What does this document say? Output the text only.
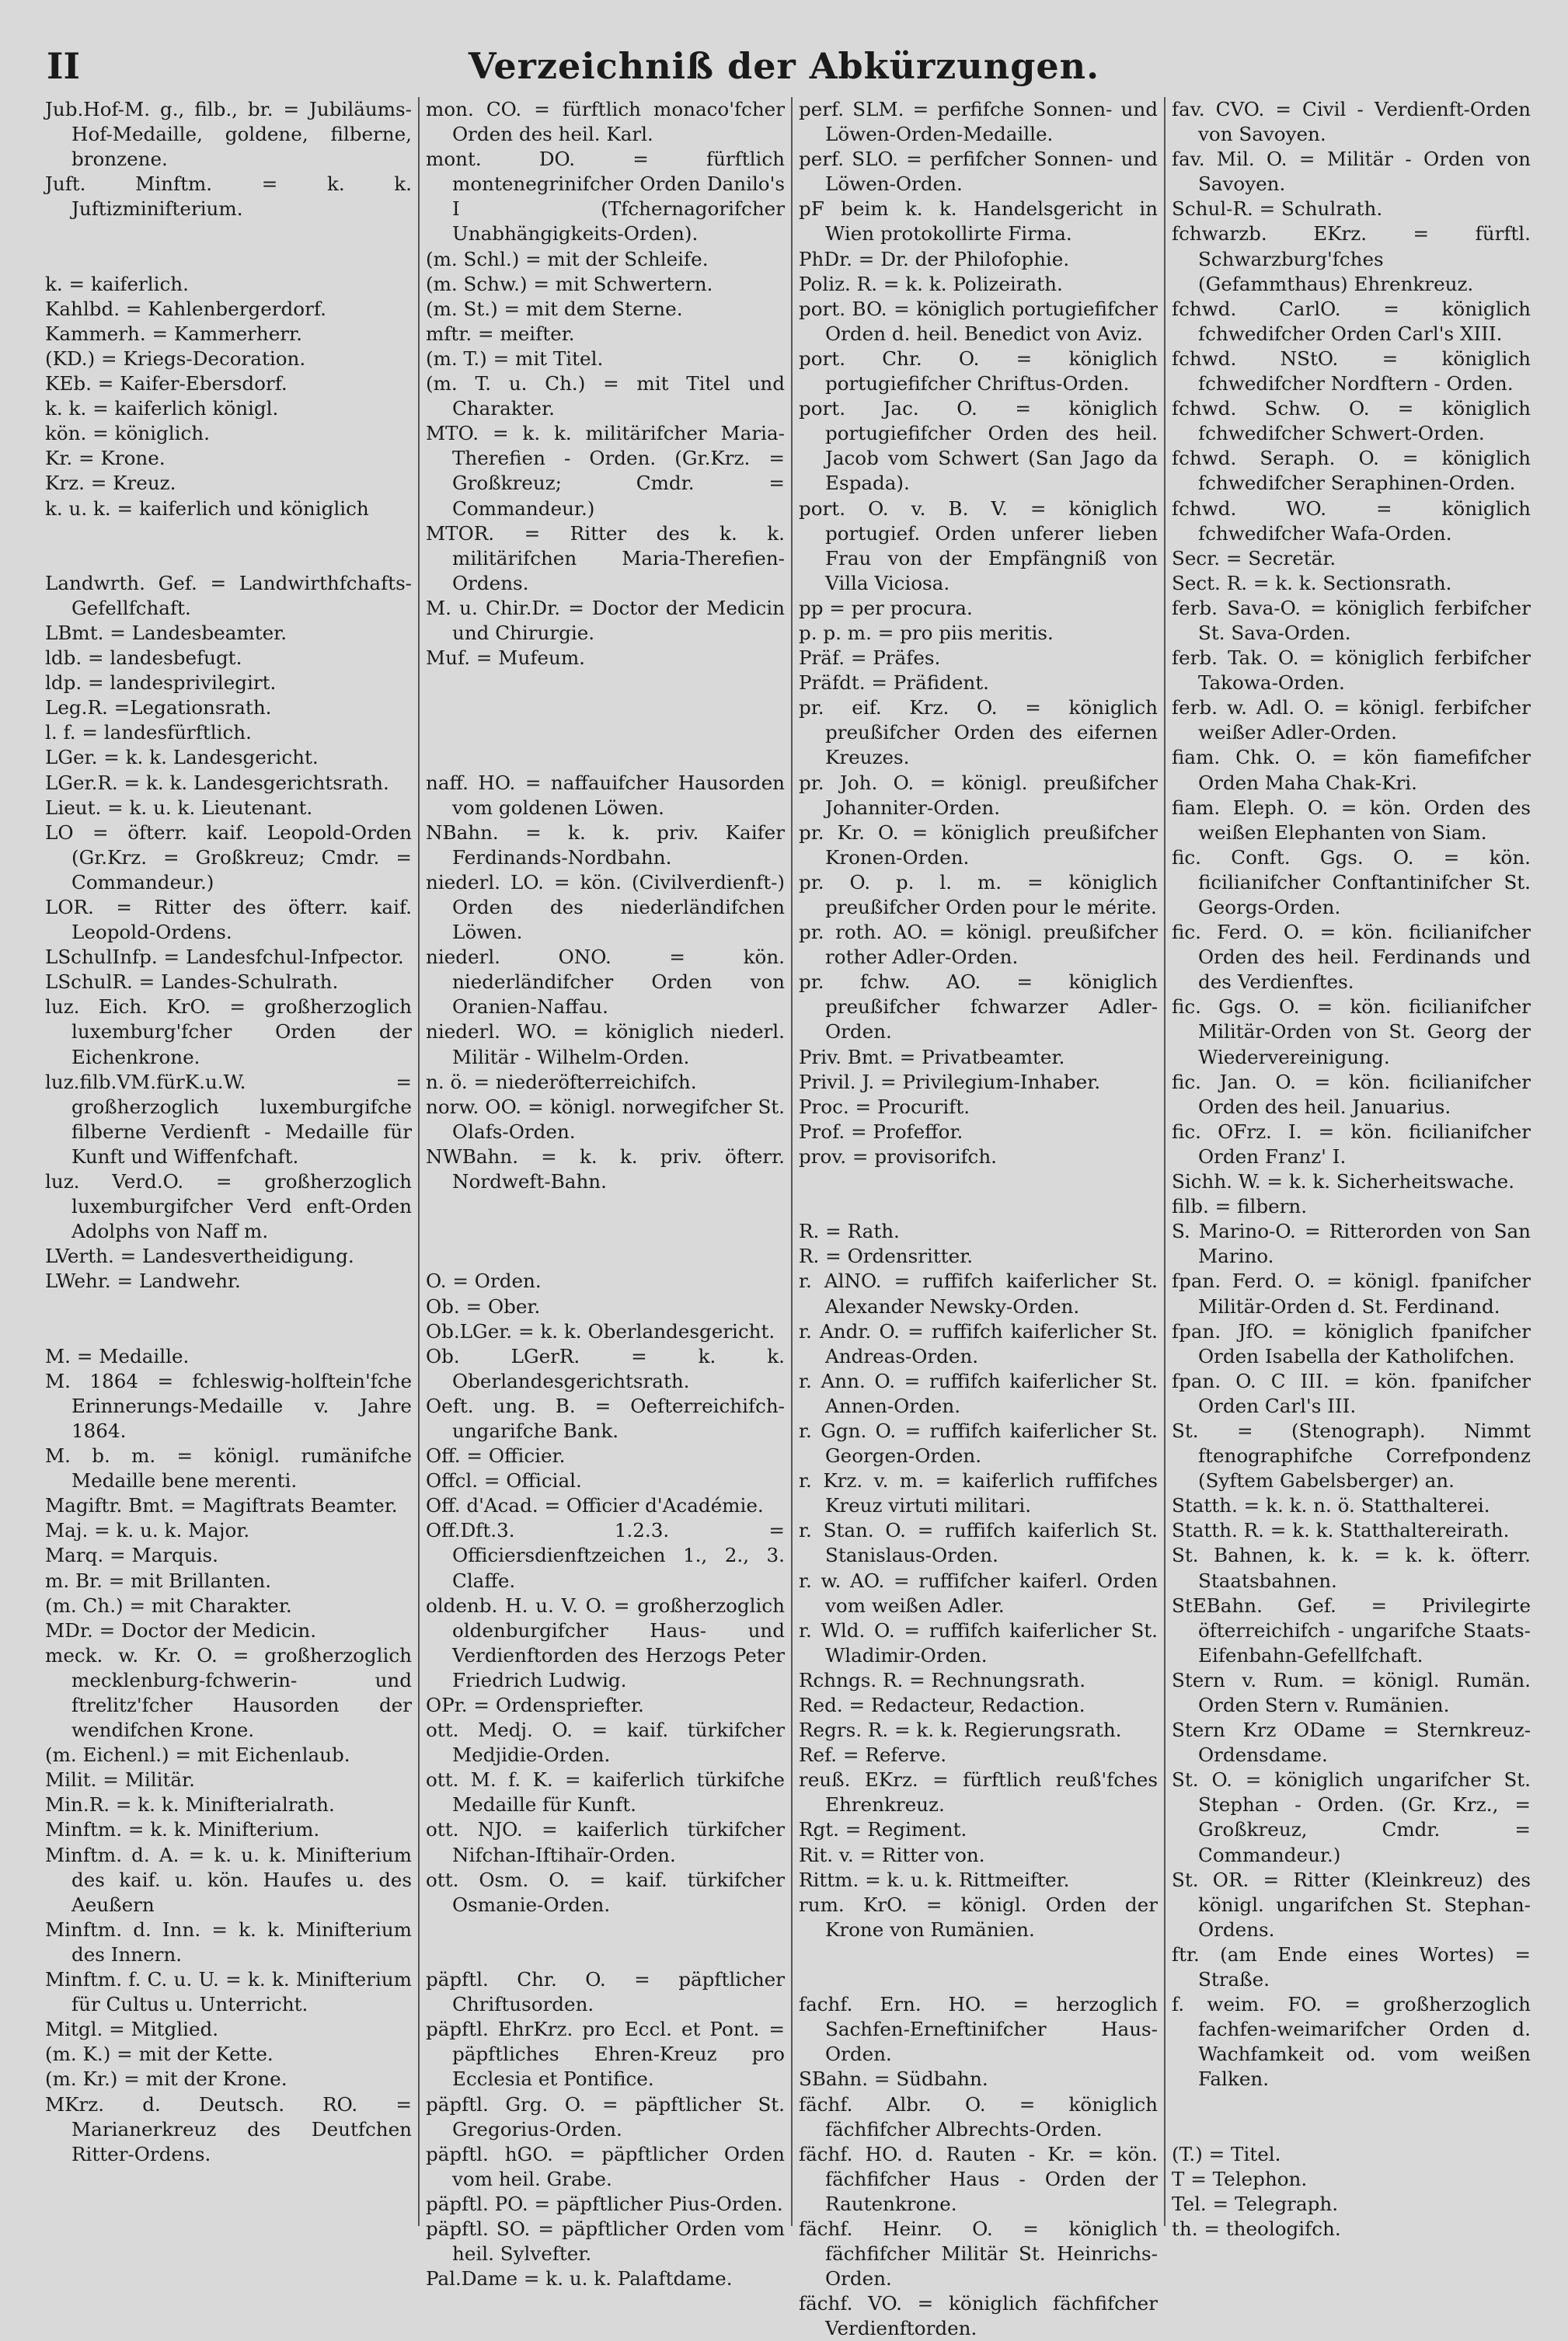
II	Verzeichniß der Abkürzungen.
Jub.Hof-M. g., filb., br. = Jubiläums-Hof-Medaille, goldene, filberne, bronzene.
Juft. Minftm. = k. k. Juftizminifterium.
k. = kaiferlich.
Kahlbd. = Kahlenbergerdorf.
Kammerh. = Kammerherr.
(KD.) = Kriegs-Decoration.
KEb. = Kaifer-Ebersdorf.
k. k. = kaiferlich königl.
kön. = königlich.
Kr. = Krone.
Krz. = Kreuz.
k. u. k. = kaiferlich und königlich
Landwrth. Gef. = Landwirthfchafts-Gefellfchaft.
LBmt. = Landesbeamter.
ldb. = landesbefugt.
ldp. = landesprivilegirt.
Leg.R. =Legationsrath.
l. f. = landesfürftlich.
LGer. = k. k. Landesgericht.
LGer.R. = k. k. Landesgerichtsrath.
Lieut. = k. u. k. Lieutenant.
LO = öfterr. kaif. Leopold-Orden (Gr.Krz. = Großkreuz; Cmdr. = Commandeur.)
LOR. = Ritter des öfterr. kaif. Leopold-Ordens.
LSchulInfp. = Landesfchul-Infpector.
LSchulR. = Landes-Schulrath.
luz. Eich. KrO. = großherzoglich luxemburg'fcher Orden der Eichenkrone.
luz.filb.VM.fürK.u.W. = großherzoglich luxemburgifche filberne Verdienft - Medaille für Kunft und Wiffenfchaft.
luz. Verd.O. = großherzoglich luxemburgifcher Verd enft-Orden Adolphs von Naff m.
LVerth. = Landesvertheidigung.
LWehr. = Landwehr.
M. = Medaille.
M. 1864 = fchleswig-holftein'fche Erinnerungs-Medaille v. Jahre 1864.
M. b. m. = königl. rumänifche Medaille bene merenti.
Magiftr. Bmt. = Magiftrats Beamter.
Maj. = k. u. k. Major.
Marq. = Marquis.
m. Br. = mit Brillanten.
(m. Ch.) = mit Charakter.
MDr. = Doctor der Medicin.
meck. w. Kr. O. = großherzoglich mecklenburg-fchwerin- und ftrelitz'fcher Hausorden der wendifchen Krone.
(m. Eichenl.) = mit Eichenlaub.
Milit. = Militär.
Min.R. = k. k. Minifterialrath.
Minftm. = k. k. Minifterium.
Minftm. d. A. = k. u. k. Minifterium des kaif. u. kön. Haufes u. des Aeußern
Minftm. d. Inn. = k. k. Minifterium des Innern.
Minftm. f. C. u. U. = k. k. Minifterium für Cultus u. Unterricht.
Mitgl. = Mitglied.
(m. K.) = mit der Kette.
(m. Kr.) = mit der Krone.
MKrz. d. Deutsch. RO. = Marianerkreuz des Deutfchen Ritter-Ordens.
mon. CO. = fürftlich monaco'fcher Orden des heil. Karl.
mont. DO. = fürftlich montenegrinifcher Orden Danilo's I (Tfchernagorifcher Unabhängigkeits-Orden).
(m. Schl.) = mit der Schleife.
(m. Schw.) = mit Schwertern.
(m. St.) = mit dem Sterne.
mftr. = meifter.
(m. T.) = mit Titel.
(m. T. u. Ch.) = mit Titel und Charakter.
MTO. = k. k. militärifcher Maria-Therefien - Orden. (Gr.Krz. = Großkreuz; Cmdr. = Commandeur.)
MTOR. = Ritter des k. k. militärifchen Maria-Therefien-Ordens.
M. u. Chir.Dr. = Doctor der Medicin und Chirurgie.
Muf. = Mufeum.
naff. HO. = naffauifcher Hausorden vom goldenen Löwen.
NBahn. = k. k. priv. Kaifer Ferdinands-Nordbahn.
niederl. LO. = kön. (Civilverdienft-) Orden des niederländifchen Löwen.
niederl. ONO. = kön. niederländifcher Orden von Oranien-Naffau.
niederl. WO. = königlich niederl. Militär - Wilhelm-Orden.
n. ö. = niederöfterreichifch.
norw. OO. = königl. norwegifcher St. Olafs-Orden.
NWBahn. = k. k. priv. öfterr. Nordweft-Bahn.
O. = Orden.
Ob. = Ober.
Ob.LGer. = k. k. Oberlandesgericht.
Ob. LGerR. = k. k. Oberlandesgerichtsrath.
Oeft. ung. B. = Oefterreichifch-ungarifche Bank.
Off. = Officier.
Offcl. = Official.
Off. d'Acad. = Officier d'Académie.
Off.Dft.3. 1.2.3. = Officiersdienftzeichen 1., 2., 3. Claffe.
oldenb. H. u. V. O. = großherzoglich oldenburgifcher Haus- und Verdienftorden des Herzogs Peter Friedrich Ludwig.
OPr. = Ordenspriefter.
ott. Medj. O. = kaif. türkifcher Medjidie-Orden.
ott. M. f. K. = kaiferlich türkifche Medaille für Kunft.
ott. NJO. = kaiferlich türkifcher Nifchan-Iftihaïr-Orden.
ott. Osm. O. = kaif. türkifcher Osmanie-Orden.
päpftl. Chr. O. = päpftlicher Chriftusorden.
päpftl. EhrKrz. pro Eccl. et Pont. = päpftliches Ehren-Kreuz pro Ecclesia et Pontifice.
päpftl. Grg. O. = päpftlicher St. Gregorius-Orden.
päpftl. hGO. = päpftlicher Orden vom heil. Grabe.
päpftl. PO. = päpftlicher Pius-Orden.
päpftl. SO. = päpftlicher Orden vom heil. Sylvefter.
Pal.Dame = k. u. k. Palaftdame.
perf. SLM. = perfifche Sonnen- und Löwen-Orden-Medaille.
perf. SLO. = perfifcher Sonnen- und Löwen-Orden.
pF beim k. k. Handelsgericht in Wien protokollirte Firma.
PhDr. = Dr. der Philofophie.
Poliz. R. = k. k. Polizeirath.
port. BO. = königlich portugiefifcher Orden d. heil. Benedict von Aviz.
port. Chr. O. = königlich portugiefifcher Chriftus-Orden.
port. Jac. O. = königlich portugiefifcher Orden des heil. Jacob vom Schwert (San Jago da Espada).
port. O. v. B. V. = königlich portugief. Orden unferer lieben Frau von der Empfängniß von Villa Viciosa.
pp = per procura.
p. p. m. = pro piis meritis.
Präf. = Präfes.
Präfdt. = Präfident.
pr. eif. Krz. O. = königlich preußifcher Orden des eifernen Kreuzes.
pr. Joh. O. = königl. preußifcher Johanniter-Orden.
pr. Kr. O. = königlich preußifcher Kronen-Orden.
pr. O. p. l. m. = königlich preußifcher Orden pour le mérite.
pr. roth. AO. = königl. preußifcher rother Adler-Orden.
pr. fchw. AO. = königlich preußifcher fchwarzer Adler-Orden.
Priv. Bmt. = Privatbeamter.
Privil. J. = Privilegium-Inhaber.
Proc. = Procurift.
Prof. = Profeffor.
prov. = provisorifch.
R. = Rath.
R. = Ordensritter.
r. AlNO. = ruffifch kaiferlicher St. Alexander Newsky-Orden.
r. Andr. O. = ruffifch kaiferlicher St. Andreas-Orden.
r. Ann. O. = ruffifch kaiferlicher St. Annen-Orden.
r. Ggn. O. = ruffifch kaiferlicher St. Georgen-Orden.
r. Krz. v. m. = kaiferlich ruffifches Kreuz virtuti militari.
r. Stan. O. = ruffifch kaiferlich St. Stanislaus-Orden.
r. w. AO. = ruffifcher kaiferl. Orden vom weißen Adler.
r. Wld. O. = ruffifch kaiferlicher St. Wladimir-Orden.
Rchngs. R. = Rechnungsrath.
Red. = Redacteur, Redaction.
Regrs. R. = k. k. Regierungsrath.
Ref. = Referve.
reuß. EKrz. = fürftlich reuß'fches Ehrenkreuz.
Rgt. = Regiment.
Rit. v. = Ritter von.
Rittm. = k. u. k. Rittmeifter.
rum. KrO. = königl. Orden der Krone von Rumänien.
fachf. Ern. HO. = herzoglich Sachfen-Erneftinifcher Haus-Orden.
SBahn. = Südbahn.
fächf. Albr. O. = königlich fächfifcher Albrechts-Orden.
fächf. HO. d. Rauten - Kr. = kön. fächfifcher Haus - Orden der Rautenkrone.
fächf. Heinr. O. = königlich fächfifcher Militär St. Heinrichs-Orden.
fächf. VO. = königlich fächfifcher Verdienftorden.
fav. CVO. = Civil - Verdienft-Orden von Savoyen.
fav. Mil. O. = Militär - Orden von Savoyen.
Schul-R. = Schulrath.
fchwarzb. EKrz. = fürftl. Schwarzburg'fches (Gefammthaus) Ehrenkreuz.
fchwd. CarlO. = königlich fchwedifcher Orden Carl's XIII.
fchwd. NStO. = königlich fchwedifcher Nordftern - Orden.
fchwd. Schw. O. = königlich fchwedifcher Schwert-Orden.
fchwd. Seraph. O. = königlich fchwedifcher Seraphinen-Orden.
fchwd. WO. = königlich fchwedifcher Wafa-Orden.
Secr. = Secretär.
Sect. R. = k. k. Sectionsrath.
ferb. Sava-O. = königlich ferbifcher St. Sava-Orden.
ferb. Tak. O. = königlich ferbifcher Takowa-Orden.
ferb. w. Adl. O. = königl. ferbifcher weißer Adler-Orden.
fiam. Chk. O. = kön fiamefifcher Orden Maha Chak-Kri.
fiam. Eleph. O. = kön. Orden des weißen Elephanten von Siam.
fic. Conft. Ggs. O. = kön. ficilianifcher Conftantinifcher St. Georgs-Orden.
fic. Ferd. O. = kön. ficilianifcher Orden des heil. Ferdinands und des Verdienftes.
fic. Ggs. O. = kön. ficilianifcher Militär-Orden von St. Georg der Wiedervereinigung.
fic. Jan. O. = kön. ficilianifcher Orden des heil. Januarius.
fic. OFrz. I. = kön. ficilianifcher Orden Franz' I.
Sichh. W. = k. k. Sicherheitswache.
filb. = filbern.
S. Marino-O. = Ritterorden von San Marino.
fpan. Ferd. O. = königl. fpanifcher Militär-Orden d. St. Ferdinand.
fpan. JfO. = königlich fpanifcher Orden Isabella der Katholifchen.
fpan. O. C III. = kön. fpanifcher Orden Carl's III.
St. = (Stenograph). Nimmt ftenographifche Correfpondenz (Syftem Gabelsberger) an.
Statth. = k. k. n. ö. Statthalterei.
Statth. R. = k. k. Statthaltereirath.
St. Bahnen, k. k. = k. k. öfterr. Staatsbahnen.
StEBahn. Gef. = Privilegirte öfterreichifch - ungarifche Staats-Eifenbahn-Gefellfchaft.
Stern v. Rum. = königl. Rumän. Orden Stern v. Rumänien.
Stern Krz ODame = Sternkreuz-Ordensdame.
St. O. = königlich ungarifcher St. Stephan - Orden. (Gr. Krz., = Großkreuz, Cmdr. = Commandeur.)
St. OR. = Ritter (Kleinkreuz) des königl. ungarifchen St. Stephan-Ordens.
ftr. (am Ende eines Wortes) = Straße.
f. weim. FO. = großherzoglich fachfen-weimarifcher Orden d. Wachfamkeit od. vom weißen Falken.
(T.) = Titel.
T = Telephon.
Tel. = Telegraph.
th. = theologifch.
